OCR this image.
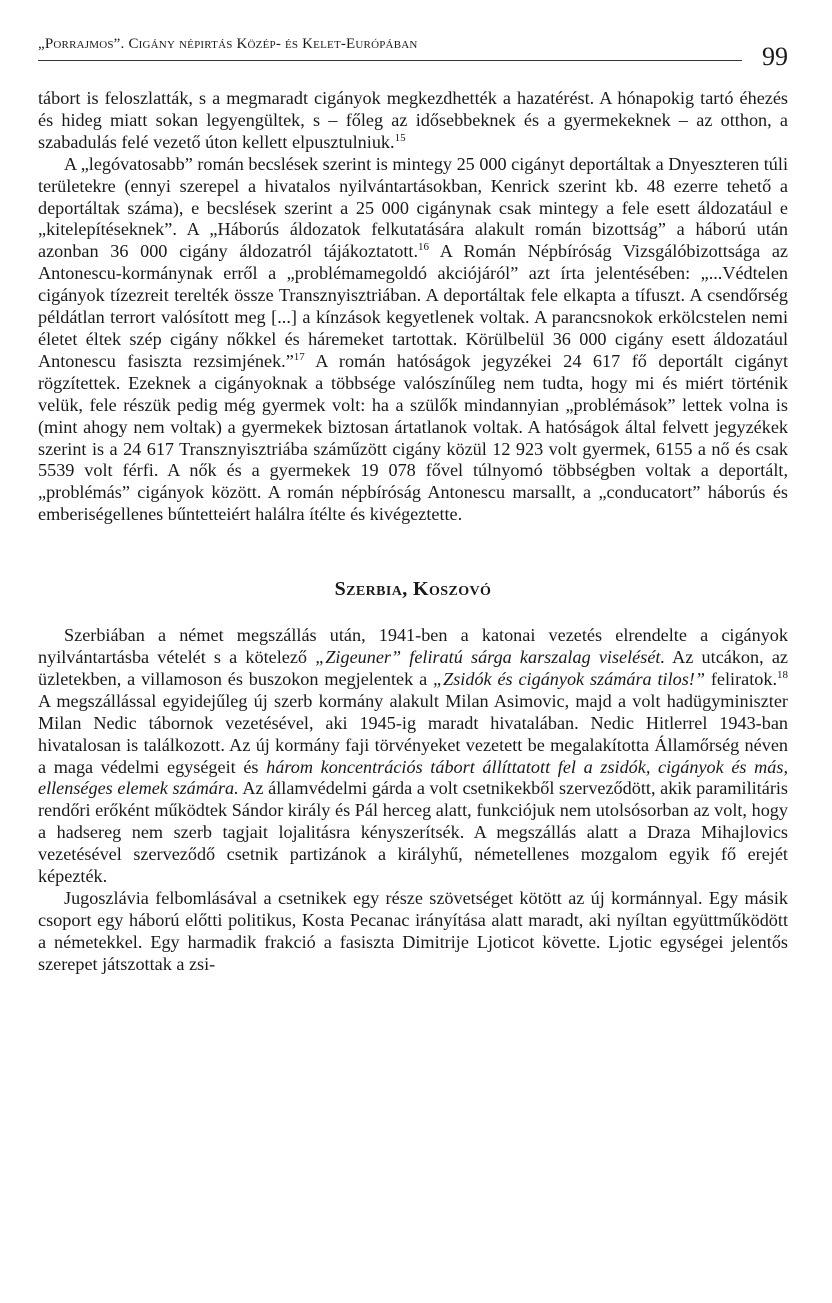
„Porrajmos”. Cigány népirtás Közép- és Kelet-Európában	99

tábort is feloszlatták, s a megmaradt cigányok megkezdhették a hazatérést. A hónapokig tartó éhezés és hideg miatt sokan legyengültek, s – főleg az idősebbeknek és a gyermekeknek – az otthon, a szabadulás felé vezető úton kellett elpusztulniuk.$^{15}$

A „legóvatosabb” román becslések szerint is mintegy 25 000 cigányt deportáltak a Dnyeszteren túli területekre (ennyi szerepel a hivatalos nyilvántartásokban, Kenrick szerint kb. 48 ezerre tehető a deportáltak száma), e becslések szerint a 25 000 cigánynak csak mintegy a fele esett áldozatául e „kitelepítéseknek”. A „Háborús áldozatok felkutatására alakult román bizottság” a háború után azonban 36 000 cigány áldozatról tájákoztatott.$^{16}$ A Román Népbíróság Vizsgálóbizottsága az Antonescu-kormánynak erről a „problémamegoldó akciójáról” azt írta jelentésében: „...Védtelen cigányok tízezreit terelték össze Transznyisztriában. A deportáltak fele elkapta a tífuszt. A csendőrség példátlan terrort valósított meg [...] a kínzások kegyetlenek voltak. A parancsnokok erkölcstelen nemi életet éltek szép cigány nőkkel és háremeket tartottak. Körülbelül 36 000 cigány esett áldozatául Antonescu fasiszta rezsimjének.”$^{17}$ A román hatóságok jegyzékei 24 617 fő deportált cigányt rögzítettek. Ezeknek a cigányoknak a többsége valószínűleg nem tudta, hogy mi és miért történik velük, fele részük pedig még gyermek volt: ha a szülők mindannyian „problémások” lettek volna is (mint ahogy nem voltak) a gyermekek biztosan ártatlanok voltak. A hatóságok által felvett jegyzékek szerint is a 24 617 Transznyisztriába száműzött cigány közül 12 923 volt gyermek, 6155 a nő és csak 5539 volt férfi. A nők és a gyermekek 19 078 fővel túlnyomó többségben voltak a deportált, „problémás” cigányok között. A román népbíróság Antonescu marsallt, a „conducatort” háborús és emberiségellenes bűntetteiért halálra ítélte és kivégeztette.

Szerbia, Koszovó

Szerbiában a német megszállás után, 1941-ben a katonai vezetés elrendelte a cigányok nyilvántartásba vételét s a kötelező „Zigeuner” feliratú sárga karszalag viselését. Az utcákon, az üzletekben, a villamoson és buszokon megjelentek a „Zsidók és cigányok számára tilos!” feliratok.$^{18}$ A megszállással egyidejűleg új szerb kormány alakult Milan Asimovic, majd a volt hadügyminiszter Milan Nedic tábornok vezetésével, aki 1945-ig maradt hivatalában. Nedic Hitlerrel 1943-ban hivatalosan is találkozott. Az új kormány faji törvényeket vezetett be megalakította Államőrség néven a maga védelmi egységeit és három koncentrációs tábort állíttatott fel a zsidók, cigányok és más, ellenséges elemek számára. Az államvédelmi gárda a volt csetnikekből szerveződött, akik paramilitáris rendőri erőként működtek Sándor király és Pál herceg alatt, funkciójuk nem utolsósorban az volt, hogy a hadsereg nem szerb tagjait lojalitásra kényszerítsék. A megszállás alatt a Draza Mihajlovics vezetésével szerveződő csetnik partizánok a királyhű, németellenes mozgalom egyik fő erejét képezték.

Jugoszlávia felbomlásával a csetnikek egy része szövetséget kötött az új kormánnyal. Egy másik csoport egy háború előtti politikus, Kosta Pecanac irányítása alatt maradt, aki nyíltan együttműködött a németekkel. Egy harmadik frakció a fasiszta Dimitrije Ljoticot követte. Ljotic egységei jelentős szerepet játszottak a zsi-
